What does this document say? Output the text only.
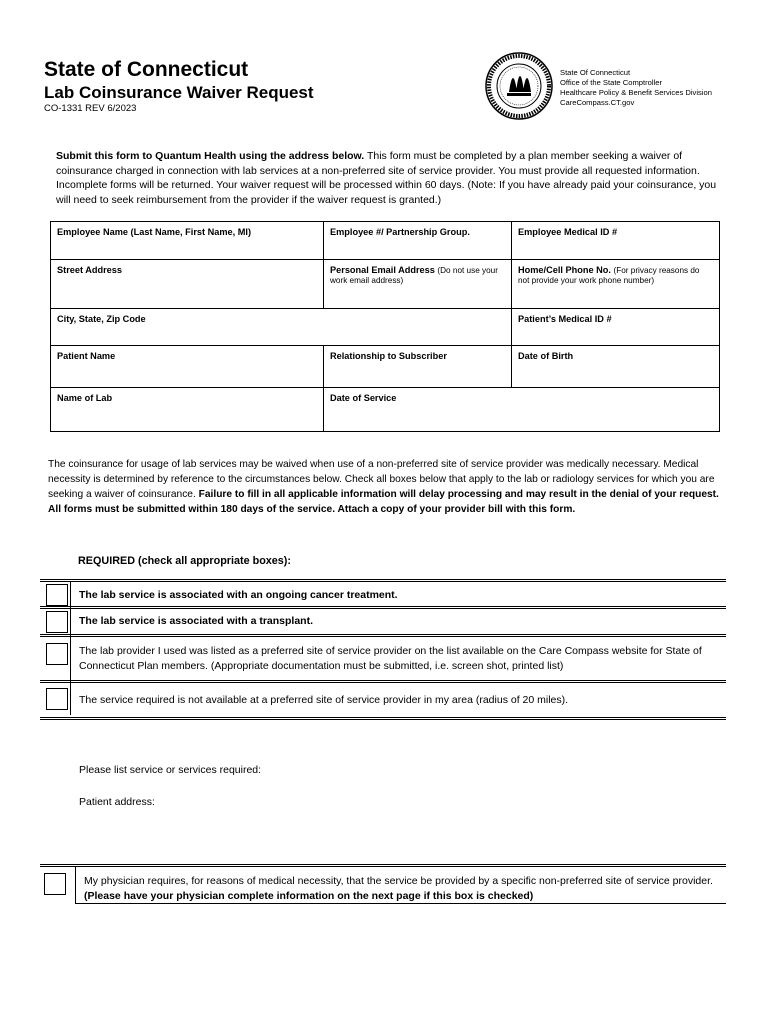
State of Connecticut
Lab Coinsurance Waiver Request
CO-1331 REV 6/2023
State Of Connecticut
Office of the State Comptroller
Healthcare Policy & Benefit Services Division
CareCompass.CT.gov
Submit this form to Quantum Health using the address below. This form must be completed by a plan member seeking a waiver of coinsurance charged in connection with lab services at a non-preferred site of service provider. You must provide all requested information. Incomplete forms will be returned. Your waiver request will be processed within 60 days. (Note: If you have already paid your coinsurance, you will need to seek reimbursement from the provider if the waiver request is granted.)
Employee Name (Last Name, First Name, MI)	Employee #/ Partnership Group.	Employee Medical ID #
Street Address	Personal Email Address (Do not use your work email address)	Home/Cell Phone No. (For privacy reasons do not provide your work phone number)
City, State, Zip Code		Patient’s Medical ID #
Patient Name	Relationship to Subscriber	Date of Birth
Name of Lab	Date of Service	
The coinsurance for usage of lab services may be waived when use of a non-preferred site of service provider was medically necessary. Medical necessity is determined by reference to the circumstances below. Check all boxes below that apply to the lab or radiology services for which you are seeking a waiver of coinsurance. Failure to fill in all applicable information will delay processing and may result in the denial of your request. All forms must be submitted within 180 days of the service. Attach a copy of your provider bill with this form.
REQUIRED (check all appropriate boxes):
The lab service is associated with an ongoing cancer treatment.
The lab service is associated with a transplant.
The lab provider I used was listed as a preferred site of service provider on the list available on the Care Compass website for State of Connecticut Plan members. (Appropriate documentation must be submitted, i.e. screen shot, printed list)
The service required is not available at a preferred site of service provider in my area (radius of 20 miles).
Please list service or services required:
Patient address:
My physician requires, for reasons of medical necessity, that the service be provided by a specific non-preferred site of service provider. (Please have your physician complete information on the next page if this box is checked)
